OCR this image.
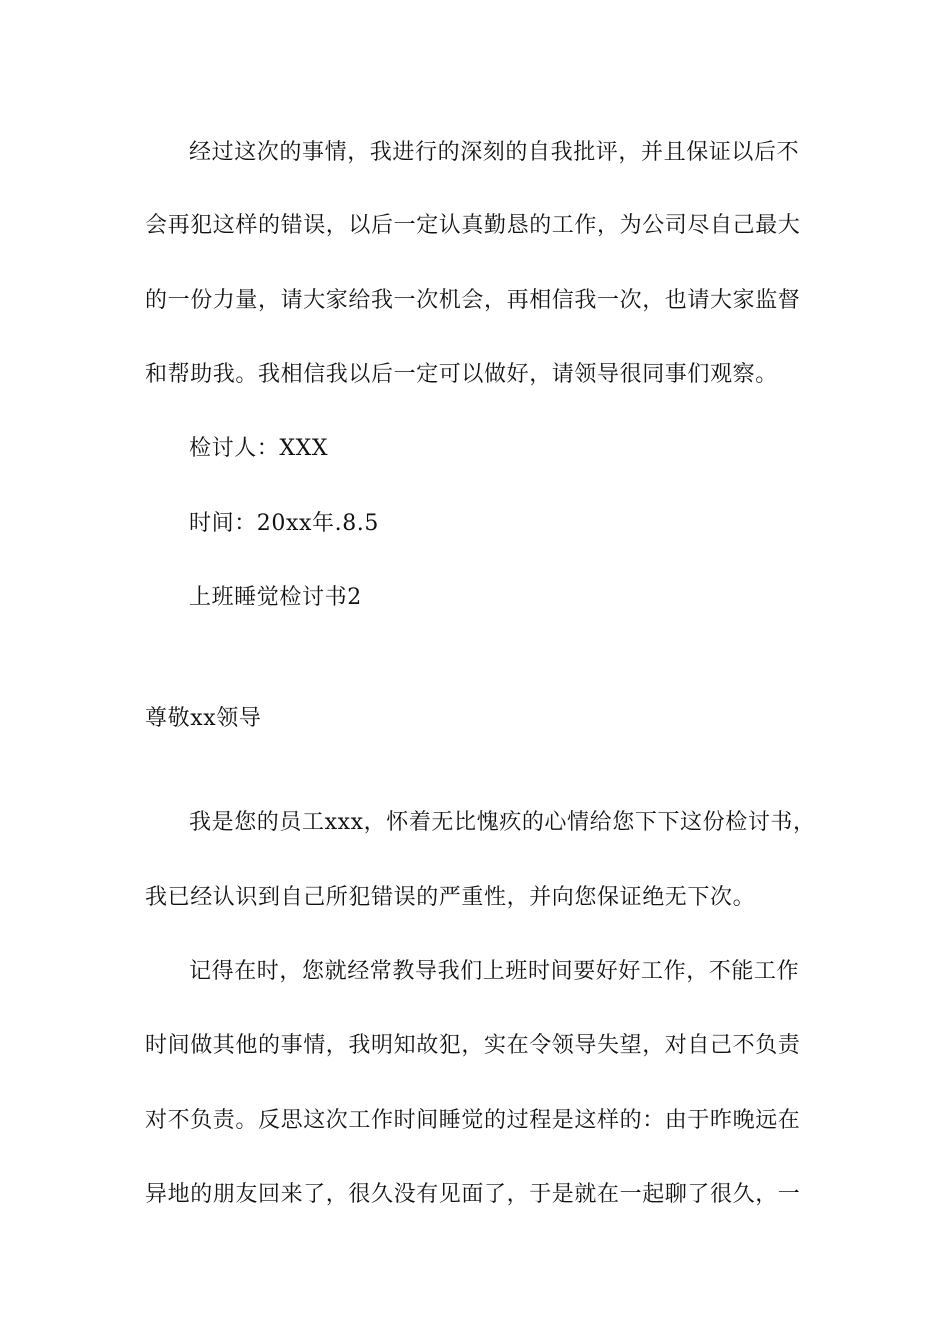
经过这次的事情，我进行的深刻的自我批评，并且保证以后不
会再犯这样的错误，以后一定认真勤恳的工作，为公司尽自己最大
的一份力量，请大家给我一次机会，再相信我一次，也请大家监督
和帮助我。我相信我以后一定可以做好，请领导很同事们观察。
检讨人：XXX
时间：20xx年.8.5
上班睡觉检讨书2
尊敬xx领导
我是您的员工xxx，怀着无比愧疚的心情给您下下这份检讨书，
我已经认识到自己所犯错误的严重性，并向您保证绝无下次。
记得在时，您就经常教导我们上班时间要好好工作，不能工作
时间做其他的事情，我明知故犯，实在令领导失望，对自己不负责
对不负责。反思这次工作时间睡觉的过程是这样的：由于昨晚远在
异地的朋友回来了，很久没有见面了，于是就在一起聊了很久，一
